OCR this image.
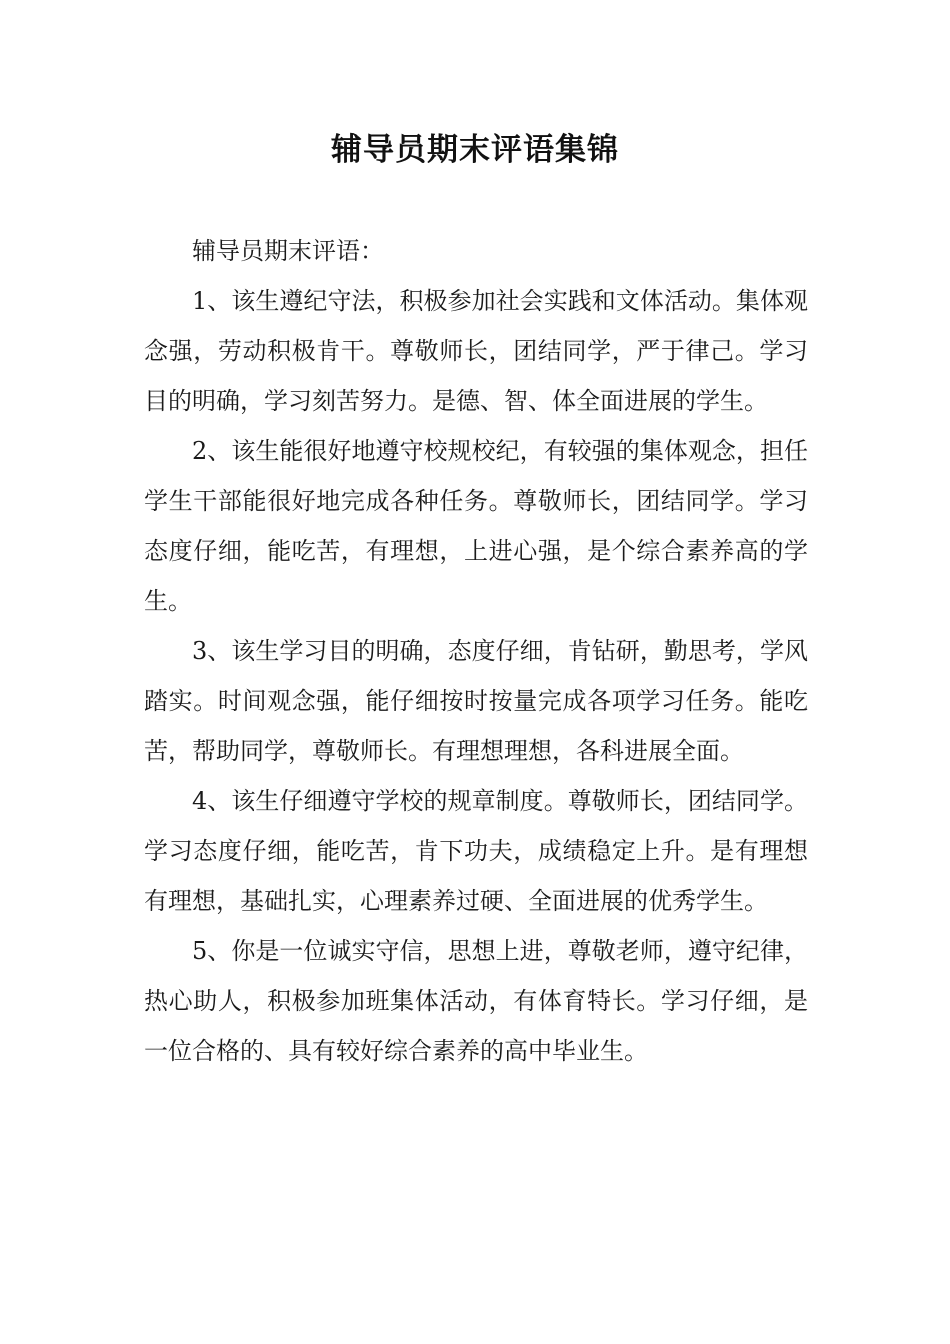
辅导员期末评语集锦

辅导员期末评语：

1、该生遵纪守法，积极参加社会实践和文体活动。集体观念强，劳动积极肯干。尊敬师长，团结同学，严于律己。学习目的明确，学习刻苦努力。是德、智、体全面进展的学生。

2、该生能很好地遵守校规校纪，有较强的集体观念，担任学生干部能很好地完成各种任务。尊敬师长，团结同学。学习态度仔细，能吃苦，有理想，上进心强，是个综合素养高的学生。

3、该生学习目的明确，态度仔细，肯钻研，勤思考，学风踏实。时间观念强，能仔细按时按量完成各项学习任务。能吃苦，帮助同学，尊敬师长。有理想理想，各科进展全面。

4、该生仔细遵守学校的规章制度。尊敬师长，团结同学。学习态度仔细，能吃苦，肯下功夫，成绩稳定上升。是有理想有理想，基础扎实，心理素养过硬、全面进展的优秀学生。

5、你是一位诚实守信，思想上进，尊敬老师，遵守纪律，热心助人，积极参加班集体活动，有体育特长。学习仔细，是一位合格的、具有较好综合素养的高中毕业生。
